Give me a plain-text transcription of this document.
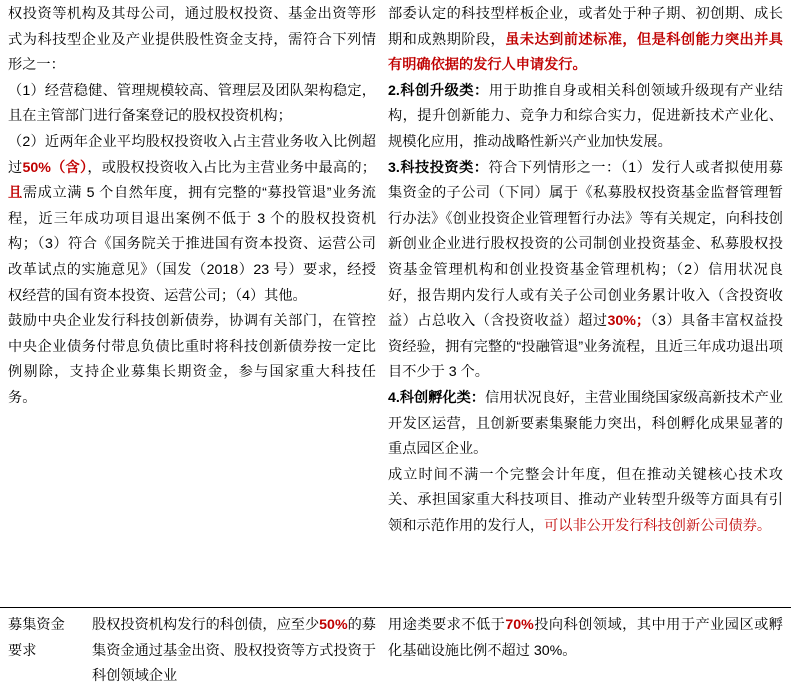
权投资等机构及其母公司，通过股权投资、基金出资等形式为科技型企业及产业提供股性资金支持，需符合下列情形之一：

（1）经营稳健、管理规模较高、管理层及团队架构稳定，且在主管部门进行备案登记的股权投资机构；

（2）近两年企业平均股权投资收入占主营业务收入比例超过50%（含），或股权投资收入占比为主营业务中最高的；且需成立满 5 个自然年度，拥有完整的“募投管退”业务流程，近三年成功项目退出案例不低于 3 个的股权投资机构；（3）符合《国务院关于推进国有资本投资、运营公司改革试点的实施意见》（国发（2018）23 号）要求，经授权经营的国有资本投资、运营公司；（4）其他。

鼓励中央企业发行科技创新债券，协调有关部门，在管控中央企业债务付带息负债比重时将科技创新债券按一定比例剔除，支持企业募集长期资金，参与国家重大科技任务。

部委认定的科技型样板企业，或者处于种子期、初创期、成长期和成熟期阶段，虽未达到前述标准，但是科创能力突出并具有明确依据的发行人申请发行。

2.科创升级类：用于助推自身或相关科创领域升级现有产业结构，提升创新能力、竞争力和综合实力，促进新技术产业化、规模化应用，推动战略性新兴产业加快发展。

3.科技投资类：符合下列情形之一：（1）发行人或者拟使用募集资金的子公司（下同）属于《私募股权投资基金监督管理暂行办法》《创业投资企业管理暂行办法》等有关规定，向科技创新创业企业进行股权投资的公司制创业投资基金、私募股权投资基金管理机构和创业投资基金管理机构；（2）信用状况良好，报告期内发行人或有关子公司创业务累计收入（含投资收益）占总收入（含投资收益）超过30%；（3）具备丰富权益投资经验，拥有完整的“投融管退”业务流程，且近三年成功退出项目不少于 3 个。

4.科创孵化类：信用状况良好，主营业围绕国家级高新技术产业开发区运营，且创新要素集聚能力突出，科创孵化成果显著的重点园区企业。

成立时间不满一个完整会计年度，但在推动关键核心技术攻关、承担国家重大科技项目、推动产业转型升级等方面具有引领和示范作用的发行人，可以非公开发行科技创新公司债券。

募集资金
要求
股权投资机构发行的科创债，应至少50%的募集资金通过基金出资、股权投资等方式投资于科创领域企业
用途类要求不低于70%投向科创领域，其中用于产业园区或孵化基础设施比例不超过 30%。
